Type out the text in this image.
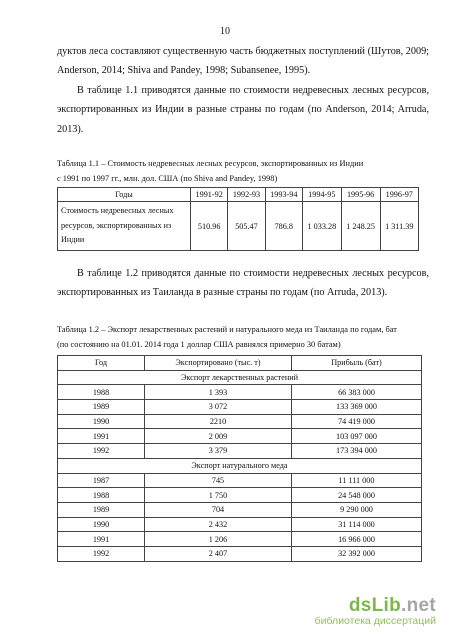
10
дуктов леса составляют существенную часть бюджетных поступлений (Шутов, 2009; Anderson, 2014; Shiva and Pandey, 1998; Subansenee, 1995).
В таблице 1.1 приводятся данные по стоимости недревесных лесных ресурсов, экспортированных из Индии в разные страны по годам (по Anderson, 2014; Arruda, 2013).
Таблица 1.1 – Стоимость недревесных лесных ресурсов, экспортированных из Индии
с 1991 по 1997 гг., млн. дол. США (по Shiva and Pandey, 1998)
Годы	1991-92	1992-93	1993-94	1994-95	1995-96	1996-97

Стоимость недревесных лесных
ресурсов, экспортированных из
Индии	510.96	505.47	786.8	1 033.28	1 248.25	1 311.39
В таблице 1.2 приводятся данные по стоимости недревесных лесных ресурсов, экспортированных из Таиланда в разные страны по годам (по Arruda, 2013).
Таблица 1.2 – Экспорт лекарственных растений и натурального меда из Таиланда по годам, бат
(по состоянию на 01.01. 2014 года 1 доллар США равнялся примерно 30 батам)
Год	Экспортировано (тыс. т)	Прибыль (бат)
Экспорт лекарственных растений		
1988	1 393	66 383 000
1989	3 072	133 369 000
1990	2210	74 419 000
1991	2 009	103 097 000
1992	3 379	173 394 000
Экспорт натурального меда		
1987	745	11 111 000
1988	1 750	24 548 000
1989	704	9 290 000
1990	2 432	31 114 000
1991	1 206	16 966 000
1992	2 407	32 392 000
dsLib.net
библиотека диссертаций
